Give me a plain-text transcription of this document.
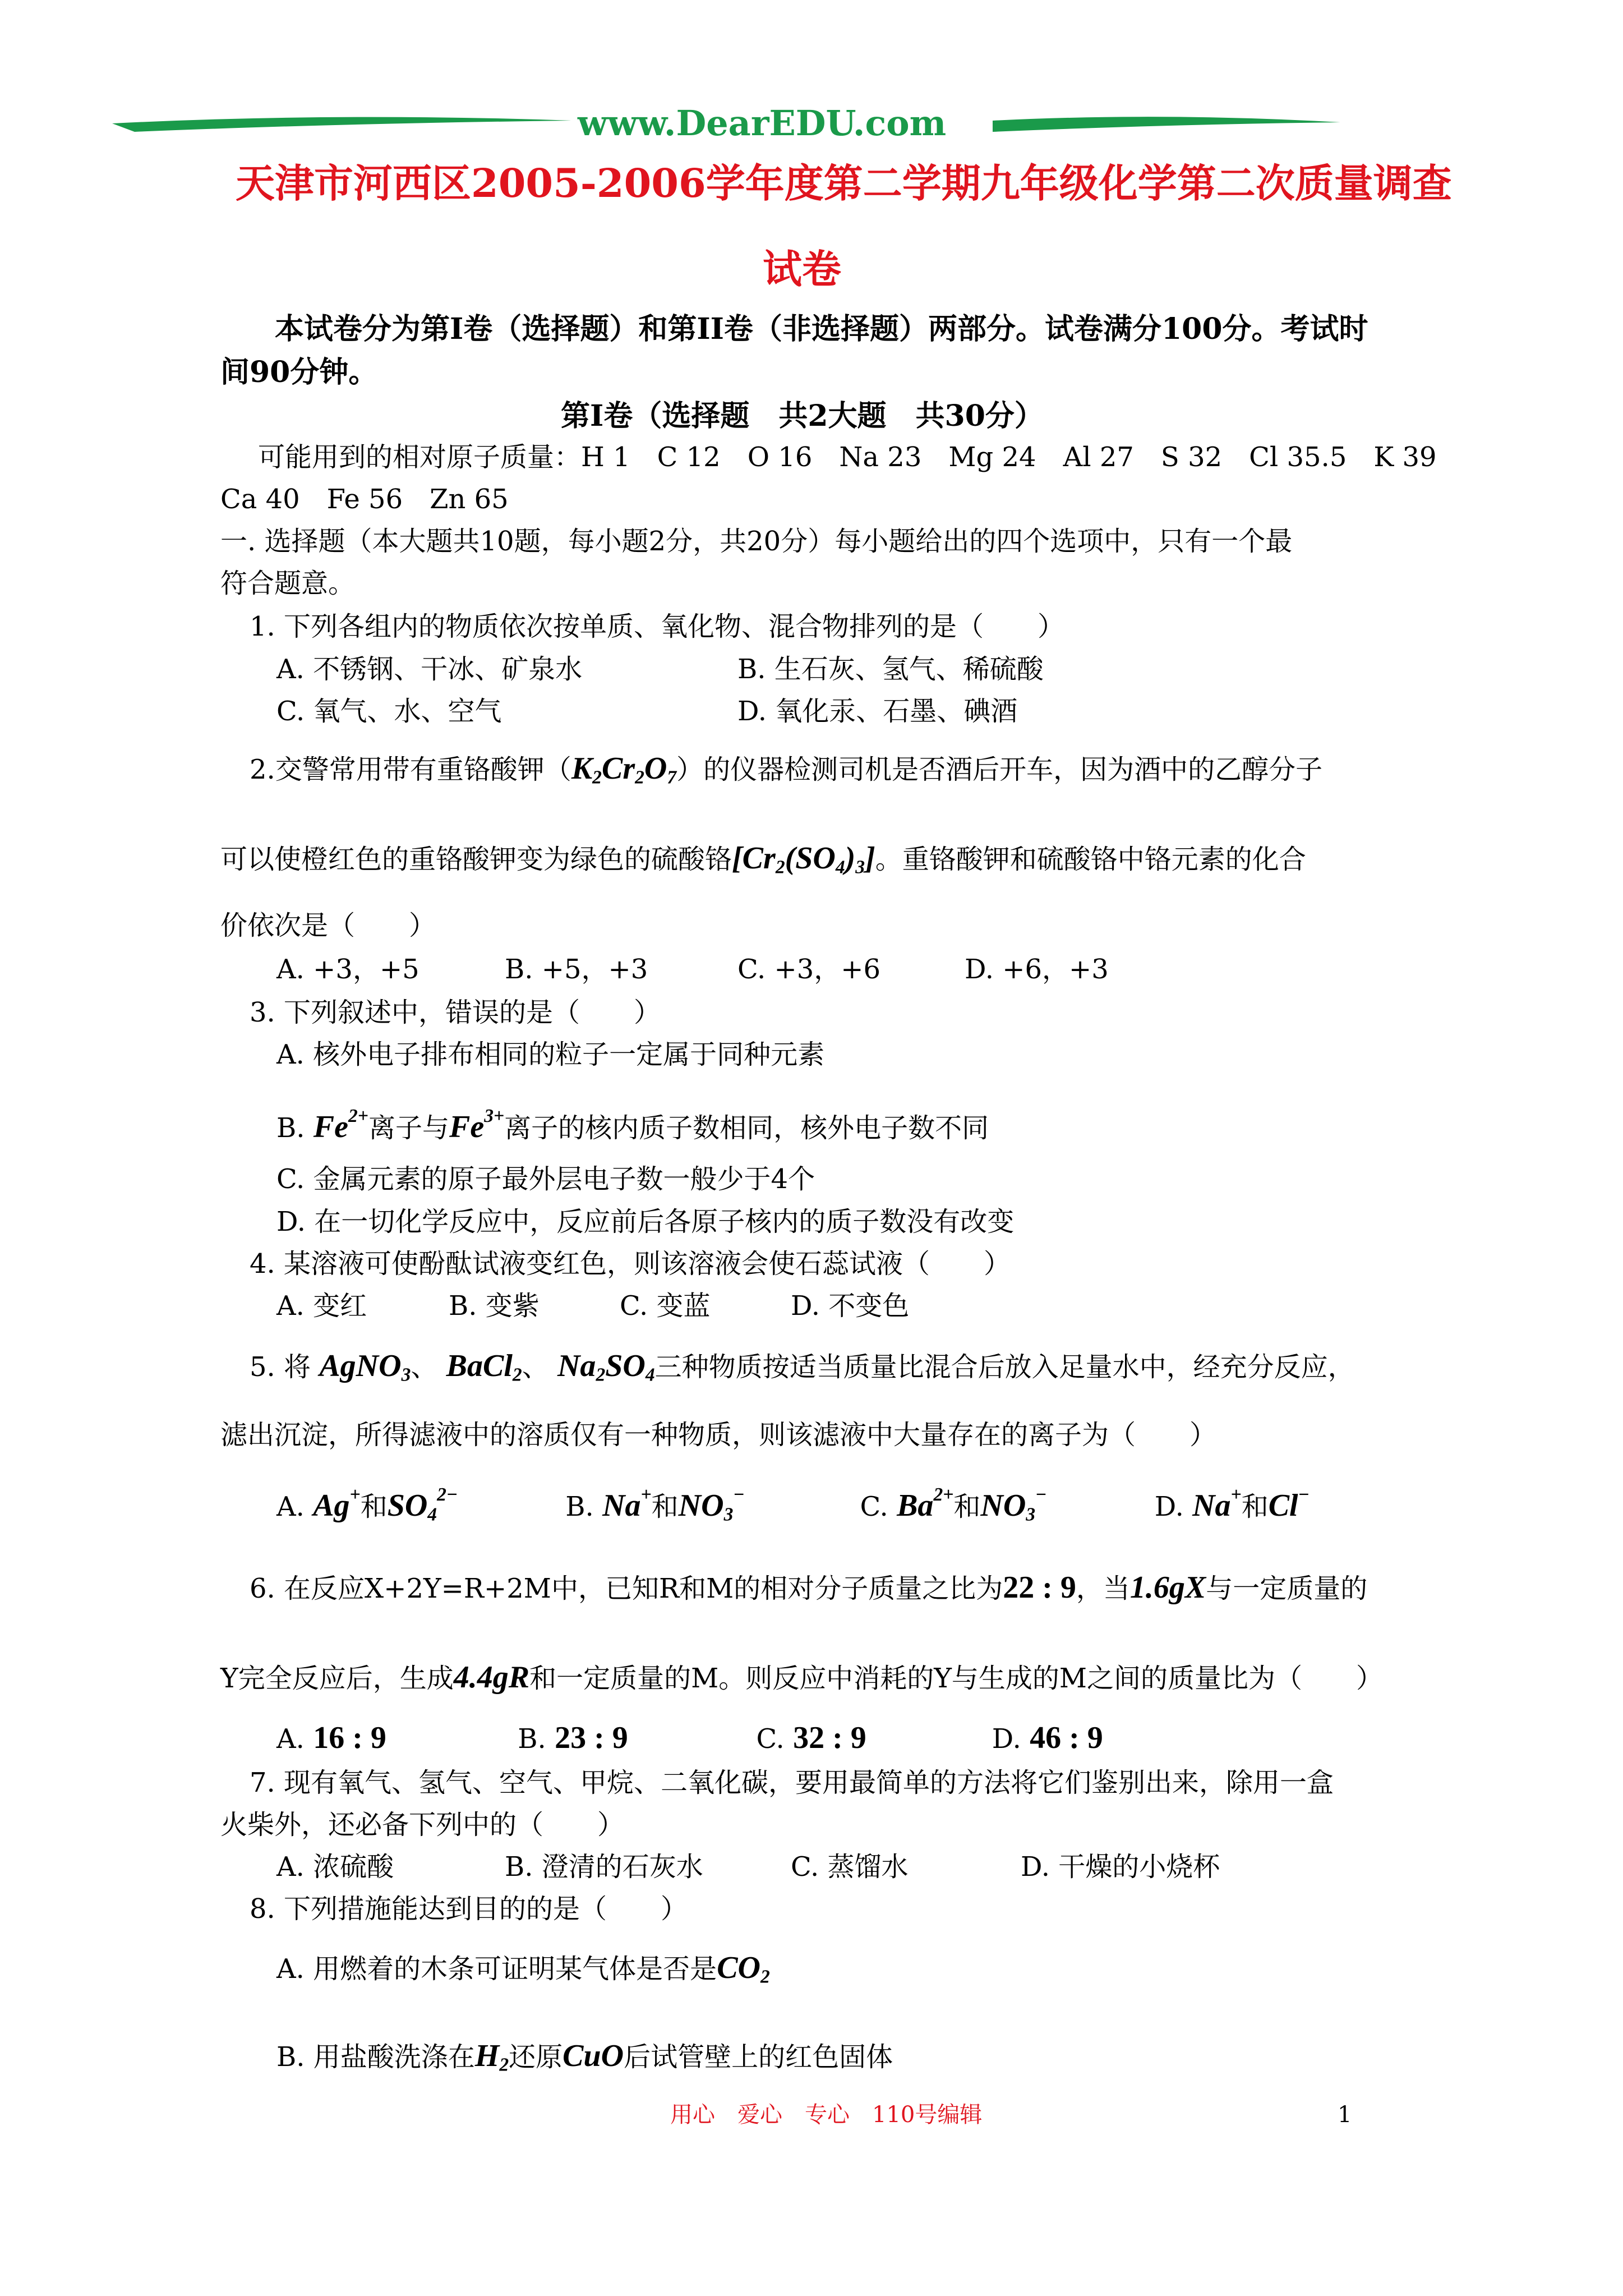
www.DearEDU.com
天津市河西区2005-2006学年度第二学期九年级化学第二次质量调查
试卷
本试卷分为第Ⅰ卷（选择题）和第II卷（非选择题）两部分。试卷满分100分。考试时
间90分钟。
第Ⅰ卷（选择题　共2大题　共30分）
可能用到的相对原子质量：H 1　C 12　O 16　Na 23　Mg 24　Al 27　S 32　Cl 35.5　K 39
Ca 40　Fe 56　Zn 65
一. 选择题（本大题共10题，每小题2分，共20分）每小题给出的四个选项中，只有一个最
符合题意。
1. 下列各组内的物质依次按单质、氧化物、混合物排列的是（　　）
A. 不锈钢、干冰、矿泉水	B. 生石灰、氢气、稀硫酸
C. 氧气、水、空气	D. 氧化汞、石墨、碘酒
2.交警常用带有重铬酸钾$(K_2Cr_2O_7)$的仪器检测司机是否酒后开车，因为酒中的乙醇分子
可以使橙红色的重铬酸钾变为绿色的硫酸铬$[Cr_2(SO_4)_3]$。重铬酸钾和硫酸铬中铬元素的化合
价依次是（　　）
A. +3，+5	B. +5，+3	C. +3，+6	D. +6，+3
3. 下列叙述中，错误的是（　　）
A. 核外电子排布相同的粒子一定属于同种元素
B. $Fe^{2+}$离子与$Fe^{3+}$离子的核内质子数相同，核外电子数不同
C. 金属元素的原子最外层电子数一般少于4个
D. 在一切化学反应中，反应前后各原子核内的质子数没有改变
4. 某溶液可使酚酞试液变红色，则该溶液会使石蕊试液（　　）
A. 变红	B. 变紫	C. 变蓝	D. 不变色
5. 将 AgNO$_3$、 BaCl$_2$、 $Na_2SO_4$三种物质按适当质量比混合后放入足量水中，经充分反应，
滤出沉淀，所得滤液中的溶质仅有一种物质，则该滤液中大量存在的离子为（　　）
A. Ag+和$SO_4^{2-}$	B. Na+和$NO_3^-$	C. $Ba^{2+}$和$NO_3^-$	D. Na+和Cl−
6. 在反应X+2Y=R+2M中，已知R和M的相对分子质量之比为22 : 9，当1.6gX与一定质量的
Y完全反应后，生成4.4gR和一定质量的M。则反应中消耗的Y与生成的M之间的质量比为（　　）
A. 16 : 9	B. 23 : 9	C. 32 : 9	D. 46 : 9
7. 现有氧气、氢气、空气、甲烷、二氧化碳，要用最简单的方法将它们鉴别出来，除用一盒
火柴外，还必备下列中的（　　）
A. 浓硫酸	B. 澄清的石灰水	C. 蒸馏水	D. 干燥的小烧杯
8. 下列措施能达到目的的是（　　）
A. 用燃着的木条可证明某气体是否是$CO_2$
B. 用盐酸洗涤在$H_2$还原CuO后试管壁上的红色固体
用心　爱心　专心　110号编辑	1
